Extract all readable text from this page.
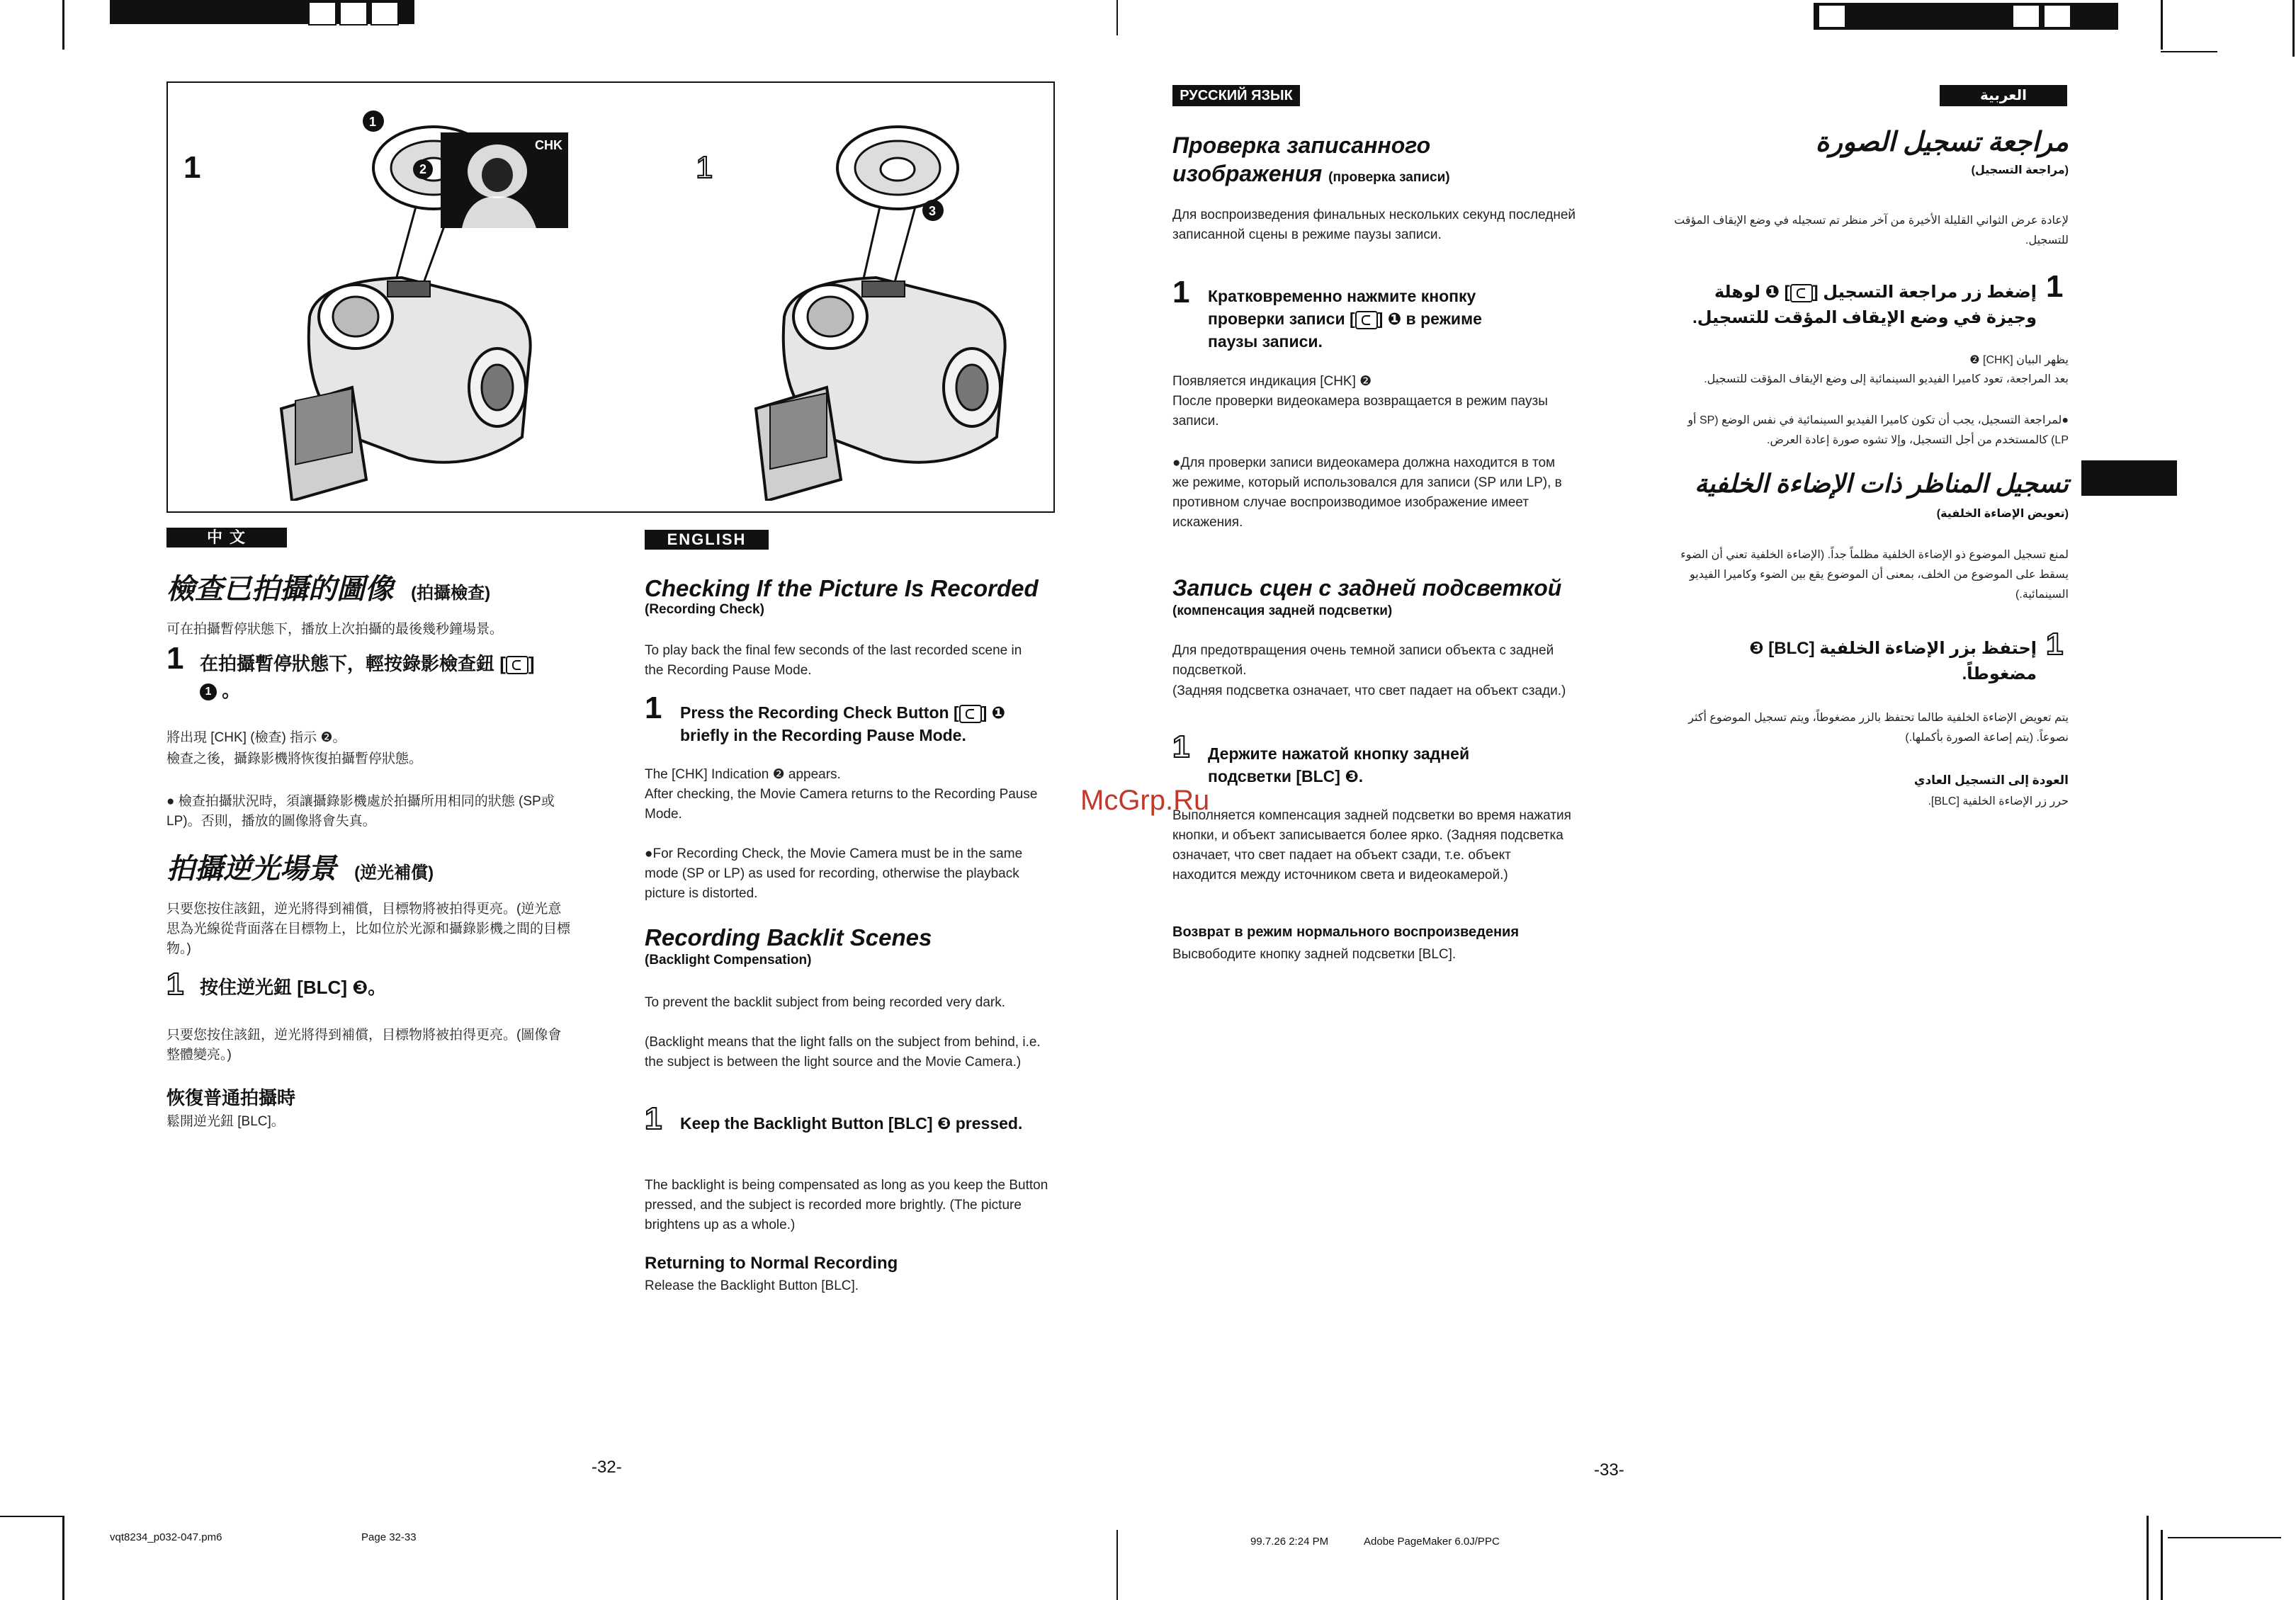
1	1
1
CHK
2
3
中 文
檢查已拍攝的圖像 (拍攝檢查)
可在拍攝暫停狀態下，播放上次拍攝的最後幾秒鐘場景。
1 在拍攝暫停狀態下，輕按錄影檢查鈕 [ ]
1 。
將出現 [CHK] (檢查) 指示 ❷。
檢查之後，攝錄影機將恢復拍攝暫停狀態。
● 檢查拍攝狀況時，須讓攝錄影機處於拍攝所用相同的狀態 (SP或LP)。否則，播放的圖像將會失真。
拍攝逆光場景 (逆光補償)
只要您按住該鈕，逆光將得到補償，目標物將被拍得更亮。(逆光意思為光線從背面落在目標物上，比如位於光源和攝錄影機之間的目標物。)
1 按住逆光鈕 [BLC] ❸。
只要您按住該鈕，逆光將得到補償，目標物將被拍得更亮。(圖像會整體變亮。)
恢復普通拍攝時
鬆開逆光鈕 [BLC]。
ENGLISH
Checking If the Picture Is Recorded
(Recording Check)
To play back the final few seconds of the last recorded scene in the Recording Pause Mode.
1 Press the Recording Check Button [ ] ❶
briefly in the Recording Pause Mode.
The [CHK] Indication ❷ appears.
After checking, the Movie Camera returns to the Recording Pause Mode.
●For Recording Check, the Movie Camera must be in the same mode (SP or LP) as used for recording, otherwise the playback picture is distorted.
Recording Backlit Scenes
(Backlight Compensation)
To prevent the backlit subject from being recorded very dark.
(Backlight means that the light falls on the subject from behind, i.e. the subject is between the light source and the Movie Camera.)
1 Keep the Backlight Button [BLC] ❸ pressed.
The backlight is being compensated as long as you keep the Button pressed, and the subject is recorded more brightly. (The picture brightens up as a whole.)
Returning to Normal Recording
Release the Backlight Button [BLC].
-32-
РУССКИЙ ЯЗЫК
Проверка записанного
изображения (проверка записи)
Для воспроизведения финальных нескольких секунд последней записанной сцены в режиме паузы записи.
1 Кратковременно нажмите кнопку
проверки записи [ ] ❶ в режиме
паузы записи.
Появляется индикация [CHK] ❷
После проверки видеокамера возвращается в режим паузы записи.
●Для проверки записи видеокамера должна находится в том же режиме, который использовался для записи (SP или LP), в противном случае воспроизводимое изображение имеет искажения.
Запись сцен с задней подсветкой
(компенсация задней подсветки)
Для предотвращения очень темной записи объекта с задней подсветкой.
(Задняя подсветка означает, что свет падает на объект сзади.)
1 Держите нажатой кнопку задней
подсветки [BLC] ❸.
Выполняется компенсация задней подсветки во время нажатия кнопки, и объект записывается более ярко. (Задняя подсветка означает, что свет падает на объект сзади, т.е. объект находится между источником света и видеокамерой.)
Возврат в режим нормального воспроизведения
Высвободите кнопку задней подсветки [BLC].
McGrp.Ru
-33-
العربية
مراجعة تسجيل الصورة
(مراجعة التسجيل)
لإعادة عرض الثواني القليلة الأخيرة من آخر منظر تم تسجيله في وضع الإيقاف المؤقت للتسجيل.
1
إضغط زر مراجعة التسجيل [] ❶ لوهلة
وجيزة في وضع الإيقاف المؤقت للتسجيل.
يظهر البيان [CHK] ❷
بعد المراجعة، تعود كاميرا الفيديو السينمائية إلى وضع الإيقاف المؤقت للتسجيل.
●لمراجعة التسجيل، يجب أن تكون كاميرا الفيديو السينمائية في نفس الوضع (SP أو LP) كالمستخدم من أجل التسجيل، وإلا تشوه صورة إعادة العرض.
تسجيل المناظر ذات الإضاءة الخلفية
(تعويض الإضاءة الخلفية)
لمنع تسجيل الموضوع ذو الإضاءة الخلفية مظلماً جداً. (الإضاءة الخلفية تعني أن الضوء يسقط على الموضوع من الخلف، بمعنى أن الموضوع يقع بين الضوء وكاميرا الفيديو السينمائية.)
1
إحتفظ بزر الإضاءة الخلفية [BLC] ❸
مضغوطاً.
يتم تعويض الإضاءة الخلفية طالما تحتفظ بالزر مضغوطاً، ويتم تسجيل الموضوع أكثر نصوعاً. (يتم إصاعة الصورة بأكملها.)
العودة إلى التسجيل العادي
حرر زر الإضاءة الخلفية [BLC].
vqt8234_p032-047.pm6	Page 32-33	99.7.26 2:24 PM	Adobe PageMaker 6.0J/PPC
